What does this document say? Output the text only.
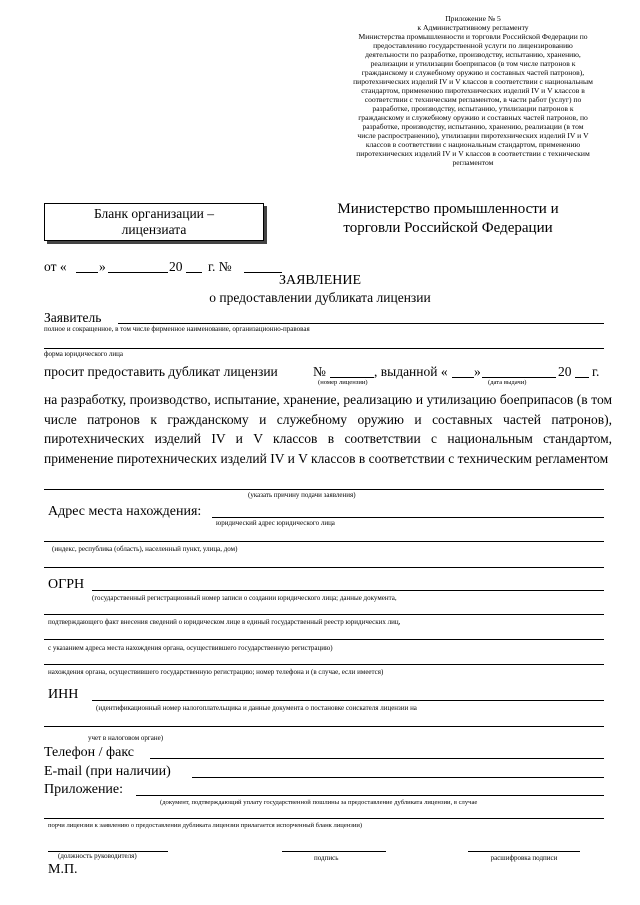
Приложение № 5
к Административному регламенту
Министерства промышленности и торговли Российской Федерации по
предоставлению государственной услуги по лицензированию
деятельности по разработке, производству, испытанию, хранению,
реализации и утилизации боеприпасов (в том числе патронов к
гражданскому и служебному оружию и составных частей патронов),
пиротехнических изделий IV и V классов в соответствии с национальным
стандартом, применению пиротехнических изделий IV и V классов в
соответствии с техническим регламентом, в части работ (услуг) по
разработке, производству, испытанию, утилизации патронов к
гражданскому и служебному оружию и составных частей патронов, по
разработке, производству, испытанию, хранению, реализации (в том
числе распространению), утилизации пиротехнических изделий IV и V
классов в соответствии с национальным стандартом, применению
пиротехнических изделий IV и V классов в соответствии с техническим
регламентом
Бланк организации –
лицензиата
Министерство промышленности и
торговли Российской Федерации
от « »	20 г. №
ЗАЯВЛЕНИЕ
о предоставлении дубликата лицензии
Заявитель
полное и сокращенное, в том числе фирменное наименование, организационно-правовая
форма юридического лица
просит предоставить дубликат лицензии	№	, выданной « »	20 г.
(номер лицензии)	(дата выдачи)
на разработку, производство, испытание, хранение, реализацию и утилизацию боеприпасов (в том числе патронов к гражданскому и служебному оружию и составных частей патронов), пиротехнических изделий IV и V классов в соответствии с национальным стандартом, применение пиротехнических изделий IV и V классов в соответствии с техническим регламентом
(указать причину подачи заявления)
Адрес места нахождения:
юридический адрес юридического лица
(индекс, республика (область), населенный пункт, улица, дом)
ОГРН
(государственный регистрационный номер записи о создании юридического лица; данные документа,
подтверждающего факт внесения сведений о юридическом лице в единый государственный реестр юридических лиц,
с указанием адреса места нахождения органа, осуществившего государственную регистрацию)
нахождения органа, осуществившего государственную регистрацию; номер телефона и (в случае, если имеется)
ИНН
(идентификационный номер налогоплательщика и данные документа о постановке соискателя лицензии на
учет в налоговом органе)
Телефон / факс
E-mail (при наличии)
Приложение:
(документ, подтверждающий уплату государственной пошлины за предоставление дубликата лицензии, в случае
порчи лицензии к заявлению о предоставлении дубликата лицензии прилагается испорченный бланк лицензии)
(должность руководителя)	подпись	расшифровка подписи
М.П.
